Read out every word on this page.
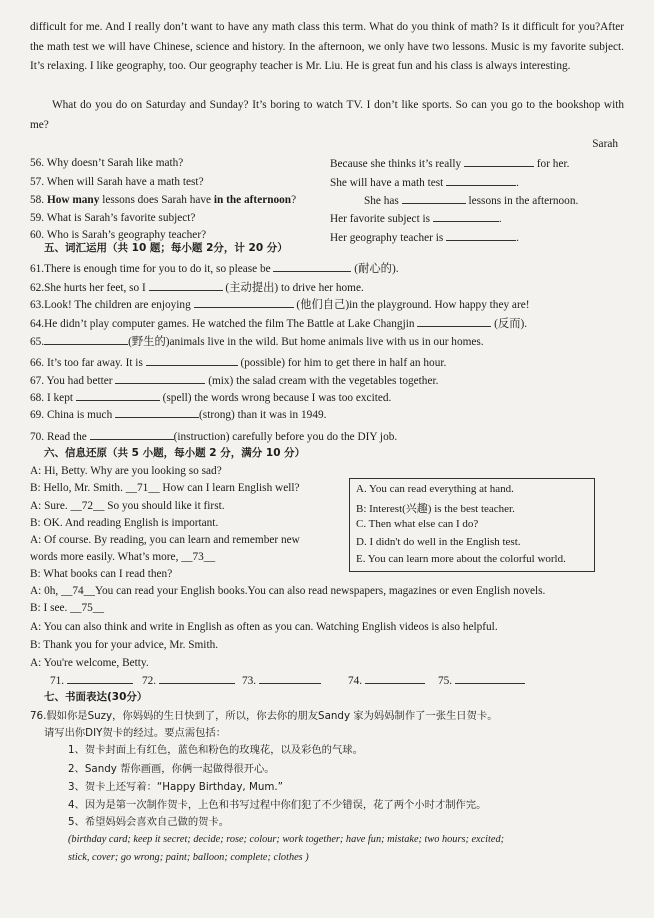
difficult for me. And I really don’t want to have any math class this term. What do you think of math? Is it difficult for you?After the math test we will have Chinese, science and history. In the afternoon, we only have two lessons. Music is my favorite subject. It’s relaxing. I like geography, too. Our geography teacher is Mr. Liu. He is great fun and his class is always interesting.
What do you do on Saturday and Sunday? It’s boring to watch TV. I don’t like sports. So can you go to the bookshop with me?
Sarah
56. Why doesn’t Sarah like math?	Because she thinks it’s really	for her.
57. When will Sarah have a math test?	She will have a math test	.
58. How many lessons does Sarah have in the afternoon?	She has	lessons in the afternoon.
59. What is Sarah’s favorite subject?	Her favorite subject is	.
60. Who is Sarah’s geography teacher?	Her geography teacher is	.
五、词汇运用（共 10 题；每小题 2分，计 20 分）
61.There is enough time for you to do it, so please be	(耐心的).
62.She hurts her feet, so I	(主动提出) to drive her home.
63.Look! The children are enjoying	(他们自己)in the playground. How happy they are!
64.He didn’t play computer games. He watched the film The Battle at Lake Changjin	(反而).
65.	(野生的)animals live in the wild. But home animals live with us in our homes.
66. It’s too far away. It is	(possible) for him to get there in half an hour.
67. You had better	(mix) the salad cream with the vegetables together.
68. I kept	(spell) the words wrong because I was too excited.
69. China is much	(strong) than it was in 1949.
70. Read the	(instruction) carefully before you do the DIY job.
六、信息还原（共 5 小题，每小题 2 分，满分 10 分）
A: Hi, Betty. Why are you looking so sad?
B: Hello, Mr. Smith. __71__ How can I learn English well?
A: Sure. __72__ So you should like it first.
B: OK. And reading English is important.
A: Of course. By reading, you can learn and remember new
words more easily. What’s more, __73__
B: What books can I read then?
A: 0h, __74__You can read your English books.You can also read newspapers, magazines or even English novels.
B: I see. __75__
A: You can also think and write in English as often as you can. Watching English videos is also helpful.
B: Thank you for your advice, Mr. Smith.
A: You're welcome, Betty.
A. You can read everything at hand.
B: Interest(兴趣) is the best teacher.
C. Then what else can I do?
D. I didn't do well in the English test.
E. You can learn more about the colorful world.
71.	72.	73.	74.	75.
七、书面表达(30分）
76.假如你是Suzy，你妈妈的生日快到了，所以，你去你的朋友Sandy 家为妈妈制作了一张生日贺卡。
请写出你DIY贺卡的经过。要点需包括：
1、贺卡封面上有红色，蓝色和粉色的玫瑰花，以及彩色的气球。
2、Sandy 帮你画画，你俩一起做得很开心。
3、贺卡上还写着：“Happy Birthday, Mum.”
4、因为是第一次制作贺卡，上色和书写过程中你们犯了不少错误，花了两个小时才制作完。
5、希望妈妈会喜欢自己做的贺卡。
(birthday card; keep it secret; decide; rose; colour; work together; have fun; mistake; two hours; excited;
stick, cover; go wrong; paint; balloon; complete; clothes )
